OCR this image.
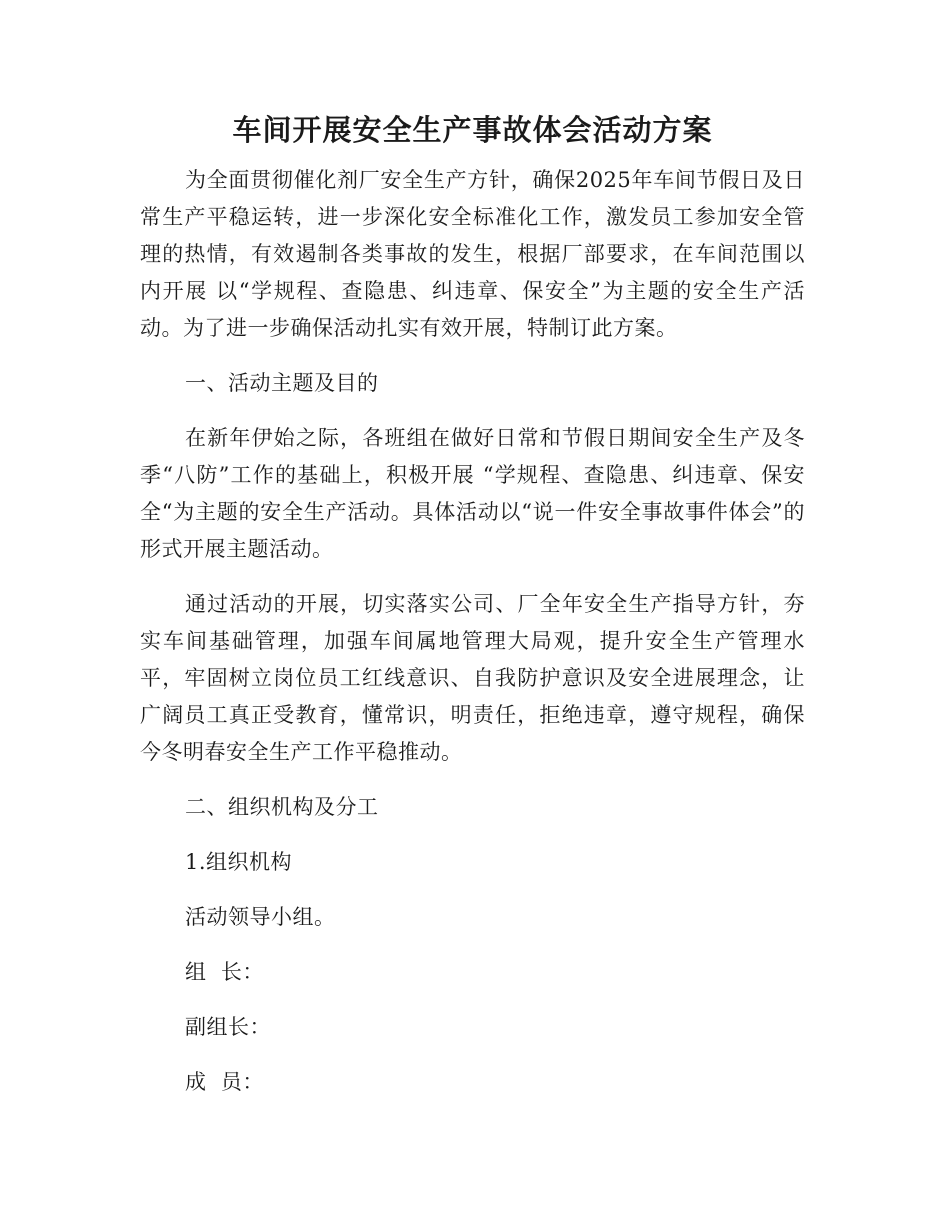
车间开展安全生产事故体会活动方案

为全面贯彻催化剂厂安全生产方针，确保2025年车间节假日及日常生产平稳运转，进一步深化安全标准化工作，激发员工参加安全管理的热情，有效遏制各类事故的发生，根据厂部要求，在车间范围以内开展 以“学规程、查隐患、纠违章、保安全”为主题的安全生产活动。为了进一步确保活动扎实有效开展，特制订此方案。

一、活动主题及目的

在新年伊始之际，各班组在做好日常和节假日期间安全生产及冬季“八防”工作的基础上，积极开展 “学规程、查隐患、纠违章、保安全“为主题的安全生产活动。具体活动以“说一件安全事故事件体会”的形式开展主题活动。

通过活动的开展，切实落实公司、厂全年安全生产指导方针，夯实车间基础管理，加强车间属地管理大局观，提升安全生产管理水平，牢固树立岗位员工红线意识、自我防护意识及安全进展理念，让广阔员工真正受教育，懂常识，明责任，拒绝违章，遵守规程，确保今冬明春安全生产工作平稳推动。

二、组织机构及分工

1.组织机构

活动领导小组。

组  长：

副组长：

成  员：
